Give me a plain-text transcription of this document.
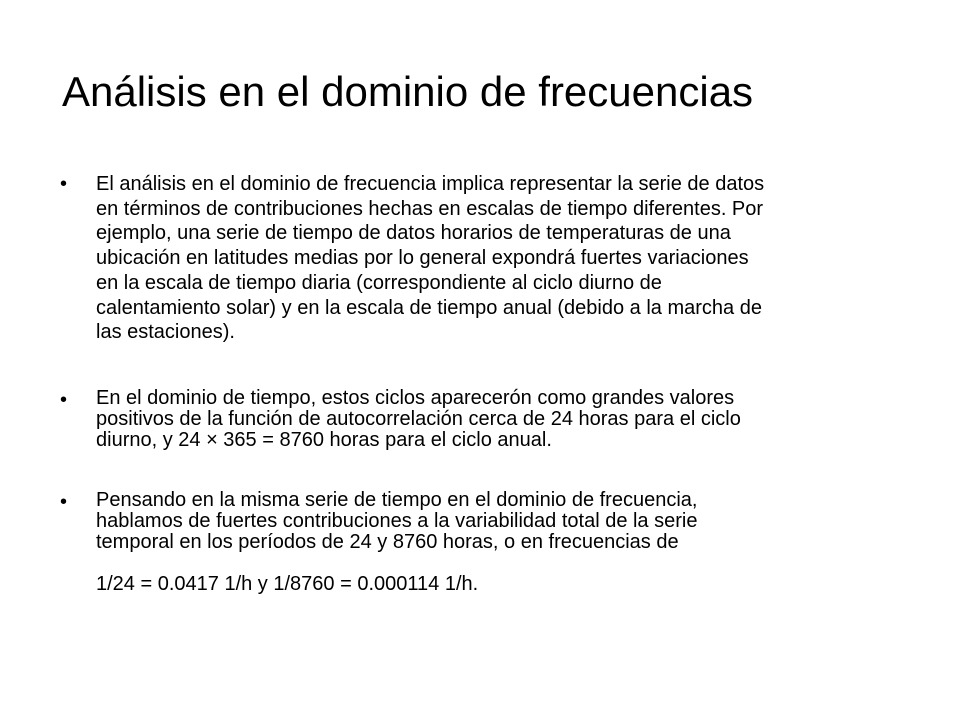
Análisis en el dominio de frecuencias
• El análisis en el dominio de frecuencia implica representar la serie de datos
en términos de contribuciones hechas en escalas de tiempo diferentes. Por
ejemplo, una serie de tiempo de datos horarios de temperaturas de una
ubicación en latitudes medias por lo general expondrá fuertes variaciones
en la escala de tiempo diaria (correspondiente al ciclo diurno de
calentamiento solar) y en la escala de tiempo anual (debido a la marcha de
las estaciones).
• En el dominio de tiempo, estos ciclos aparecerón como grandes valores
positivos de la función de autocorrelación cerca de 24 horas para el ciclo
diurno, y 24 × 365 = 8760 horas para el ciclo anual.
• Pensando en la misma serie de tiempo en el dominio de frecuencia,
hablamos de fuertes contribuciones a la variabilidad total de la serie
temporal en los períodos de 24 y 8760 horas, o en frecuencias de
1/24 = 0.0417 1/h y 1/8760 = 0.000114 1/h.
